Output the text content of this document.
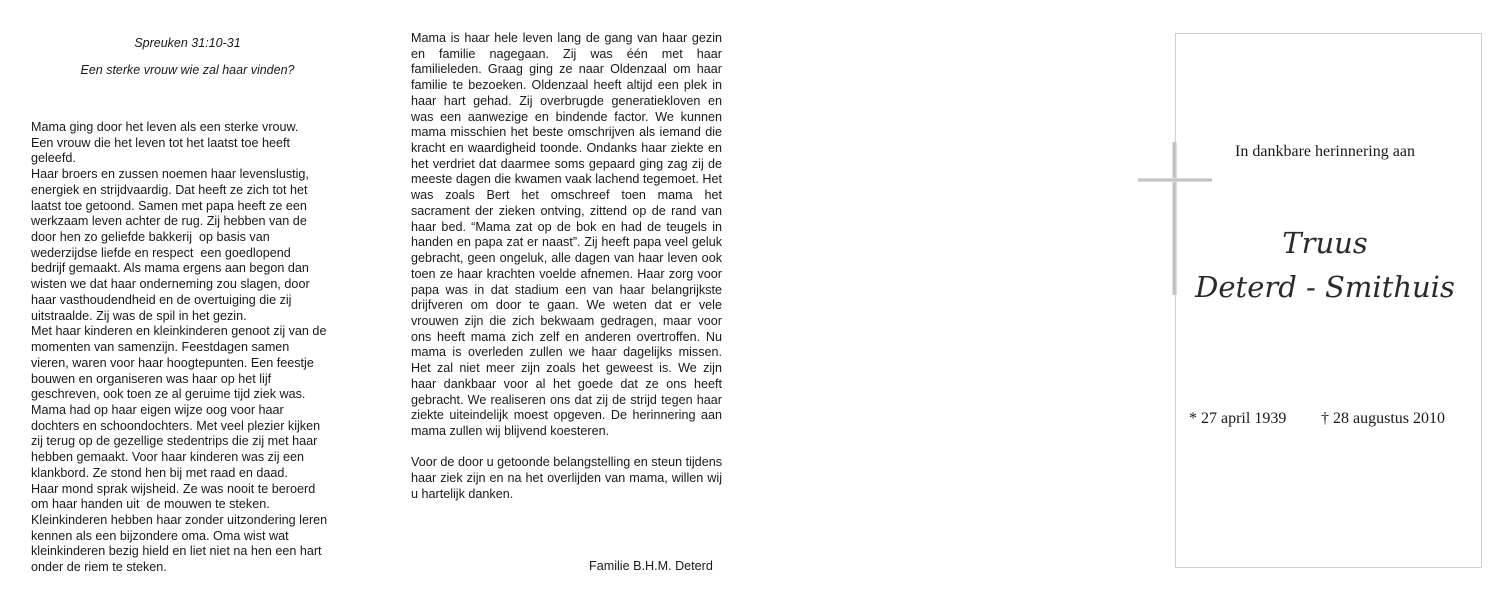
Spreuken 31:10-31
Een sterke vrouw wie zal haar vinden?
Mama ging door het leven als een sterke vrouw.
Een vrouw die het leven tot het laatst toe heeft
geleefd.
Haar broers en zussen noemen haar levenslustig,
energiek en strijdvaardig. Dat heeft ze zich tot het
laatst toe getoond. Samen met papa heeft ze een
werkzaam leven achter de rug. Zij hebben van de
door hen zo geliefde bakkerij  op basis van
wederzijdse liefde en respect  een goedlopend
bedrijf gemaakt. Als mama ergens aan begon dan
wisten we dat haar onderneming zou slagen, door
haar vasthoudendheid en de overtuiging die zij
uitstraalde. Zij was de spil in het gezin.
Met haar kinderen en kleinkinderen genoot zij van de
momenten van samenzijn. Feestdagen samen
vieren, waren voor haar hoogtepunten. Een feestje
bouwen en organiseren was haar op het lijf
geschreven, ook toen ze al geruime tijd ziek was.
Mama had op haar eigen wijze oog voor haar
dochters en schoondochters. Met veel plezier kijken
zij terug op de gezellige stedentrips die zij met haar
hebben gemaakt. Voor haar kinderen was zij een
klankbord. Ze stond hen bij met raad en daad.
Haar mond sprak wijsheid. Ze was nooit te beroerd
om haar handen uit  de mouwen te steken.
Kleinkinderen hebben haar zonder uitzondering leren
kennen als een bijzondere oma. Oma wist wat
kleinkinderen bezig hield en liet niet na hen een hart
onder de riem te steken.

Mama is haar hele leven lang de gang van haar gezin en familie nagegaan. Zij was één met haar familieleden. Graag ging ze naar Oldenzaal om haar familie te bezoeken. Oldenzaal heeft altijd een plek in haar hart gehad. Zij overbrugde generatiekloven en was een aanwezige en bindende factor. We kunnen mama misschien het beste omschrijven als iemand die kracht en waardigheid toonde. Ondanks haar ziekte en het verdriet dat daarmee soms gepaard ging zag zij de meeste dagen die kwamen vaak lachend tegemoet. Het was zoals Bert het omschreef toen mama het sacrament der zieken ontving, zittend op de rand van haar bed. “Mama zat op de bok en had de teugels in handen en papa zat er naast”. Zij heeft papa veel geluk gebracht, geen ongeluk, alle dagen van haar leven ook toen ze haar krachten voelde afnemen. Haar zorg voor papa was in dat stadium een van haar belangrijkste drijfveren om door te gaan. We weten dat er vele vrouwen zijn die zich bekwaam gedragen, maar voor ons heeft mama zich zelf en anderen overtroffen. Nu mama is overleden zullen we haar dagelijks missen. Het zal niet meer zijn zoals het geweest is. We zijn haar dankbaar voor al het goede dat ze ons heeft gebracht. We realiseren ons dat zij de strijd tegen haar ziekte uiteindelijk moest opgeven. De herinnering aan mama zullen wij blijvend koesteren.

Voor de door u getoonde belangstelling en steun tijdens haar ziek zijn en na het overlijden van mama, willen wij u hartelijk danken.

Familie B.H.M. Deterd
In dankbare herinnering aan
Truus
Deterd - Smithuis
* 27 april 1939 † 28 augustus 2010
